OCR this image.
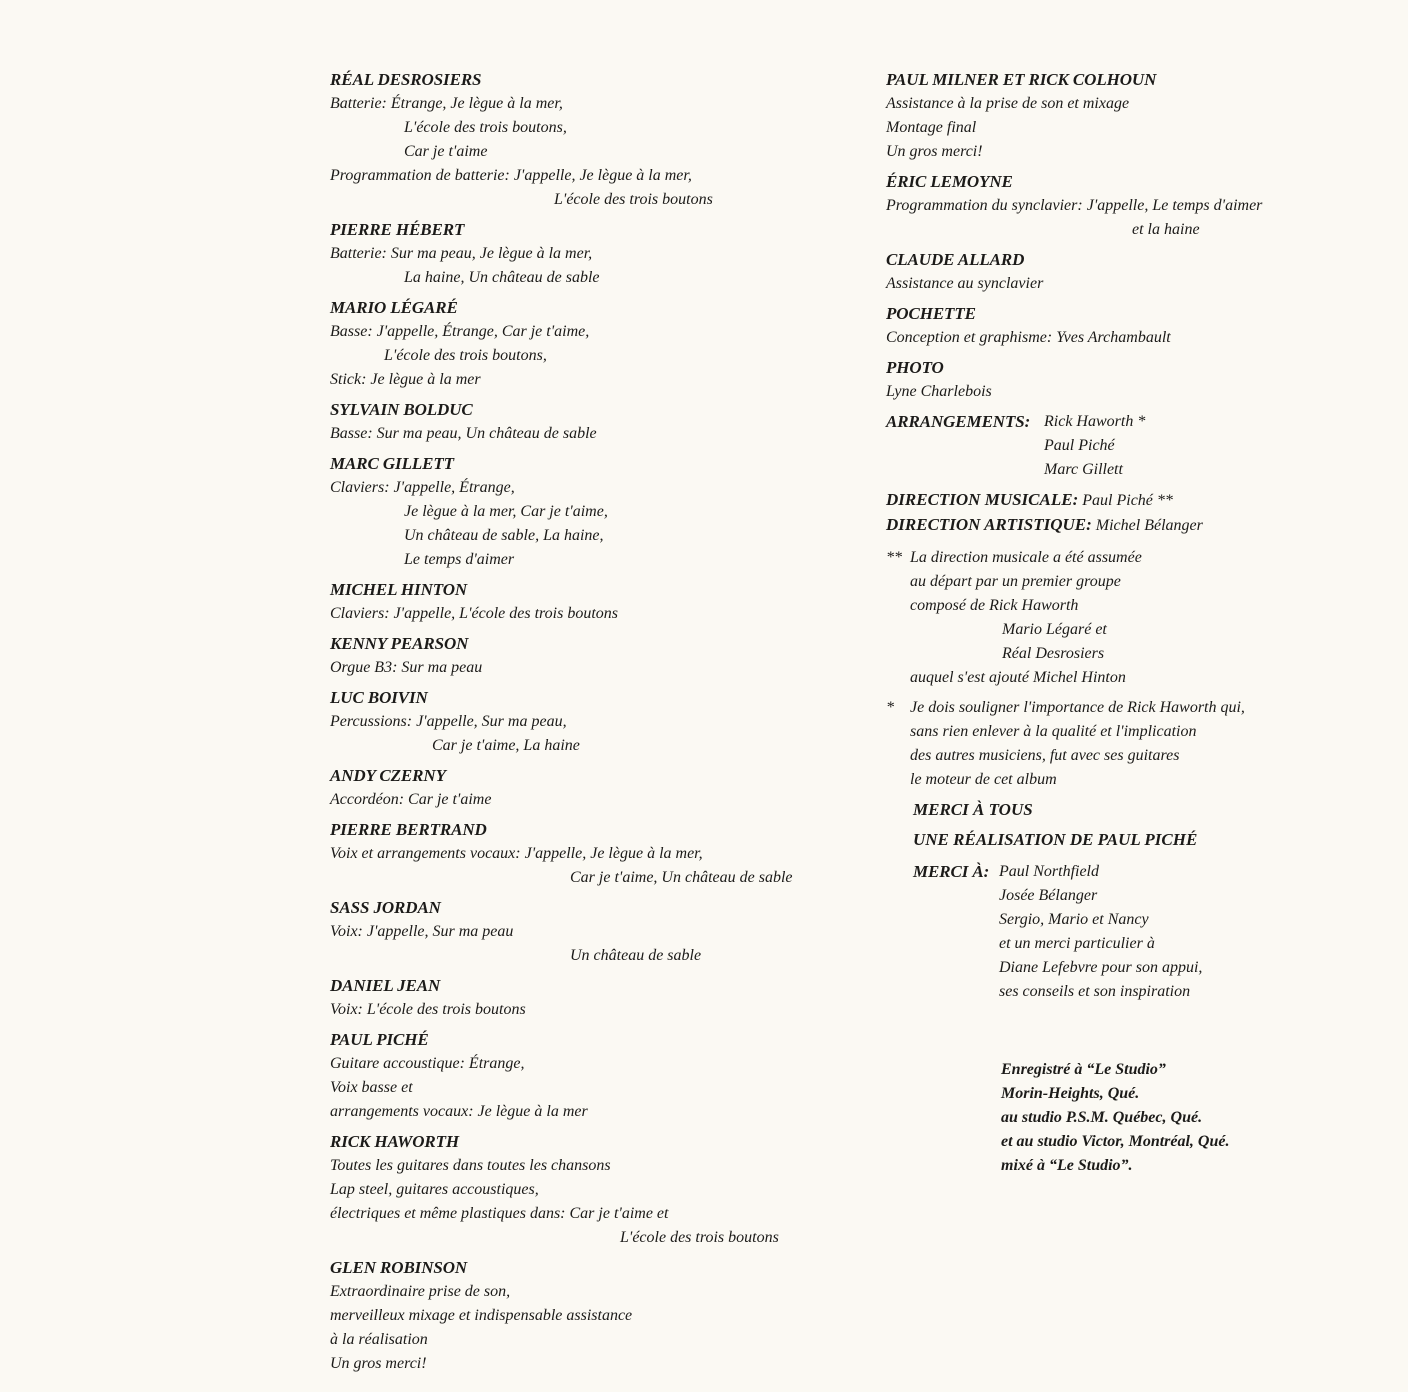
RÉAL DESROSIERS
Batterie: Étrange, Je lègue à la mer,
L'école des trois boutons,
Car je t'aime
Programmation de batterie: J'appelle, Je lègue à la mer,
L'école des trois boutons
PIERRE HÉBERT
Batterie: Sur ma peau, Je lègue à la mer,
La haine, Un château de sable
MARIO LÉGARÉ
Basse: J'appelle, Étrange, Car je t'aime,
L'école des trois boutons,
Stick: Je lègue à la mer
SYLVAIN BOLDUC
Basse: Sur ma peau, Un château de sable
MARC GILLETT
Claviers: J'appelle, Étrange,
Je lègue à la mer, Car je t'aime,
Un château de sable, La haine,
Le temps d'aimer
MICHEL HINTON
Claviers: J'appelle, L'école des trois boutons
KENNY PEARSON
Orgue B3: Sur ma peau
LUC BOIVIN
Percussions: J'appelle, Sur ma peau,
Car je t'aime, La haine
ANDY CZERNY
Accordéon: Car je t'aime
PIERRE BERTRAND
Voix et arrangements vocaux: J'appelle, Je lègue à la mer,
Car je t'aime, Un château de sable
SASS JORDAN
Voix: J'appelle, Sur ma peau
Un château de sable
DANIEL JEAN
Voix: L'école des trois boutons
PAUL PICHÉ
Guitare accoustique: Étrange,
Voix basse et
arrangements vocaux: Je lègue à la mer
RICK HAWORTH
Toutes les guitares dans toutes les chansons
Lap steel, guitares accoustiques,
électriques et même plastiques dans: Car je t'aime et
L'école des trois boutons
GLEN ROBINSON
Extraordinaire prise de son,
merveilleux mixage et indispensable assistance
à la réalisation
Un gros merci!
PAUL MILNER ET RICK COLHOUN
Assistance à la prise de son et mixage
Montage final
Un gros merci!
ÉRIC LEMOYNE
Programmation du synclavier: J'appelle, Le temps d'aimer
et la haine
CLAUDE ALLARD
Assistance au synclavier
POCHETTE
Conception et graphisme: Yves Archambault
PHOTO
Lyne Charlebois
ARRANGEMENTS: Rick Haworth *
Paul Piché
Marc Gillett
DIRECTION MUSICALE: Paul Piché **
DIRECTION ARTISTIQUE: Michel Bélanger
** La direction musicale a été assumée
au départ par un premier groupe
composé de Rick Haworth
Mario Légaré et
Réal Desrosiers
auquel s'est ajouté Michel Hinton
* Je dois souligner l'importance de Rick Haworth qui,
sans rien enlever à la qualité et l'implication
des autres musiciens, fut avec ses guitares
le moteur de cet album
MERCI À TOUS
UNE RÉALISATION DE PAUL PICHÉ
MERCI À: Paul Northfield
Josée Bélanger
Sergio, Mario et Nancy
et un merci particulier à
Diane Lefebvre pour son appui,
ses conseils et son inspiration
Enregistré à “Le Studio”
Morin-Heights, Qué.
au studio P.S.M. Québec, Qué.
et au studio Victor, Montréal, Qué.
mixé à “Le Studio”.
